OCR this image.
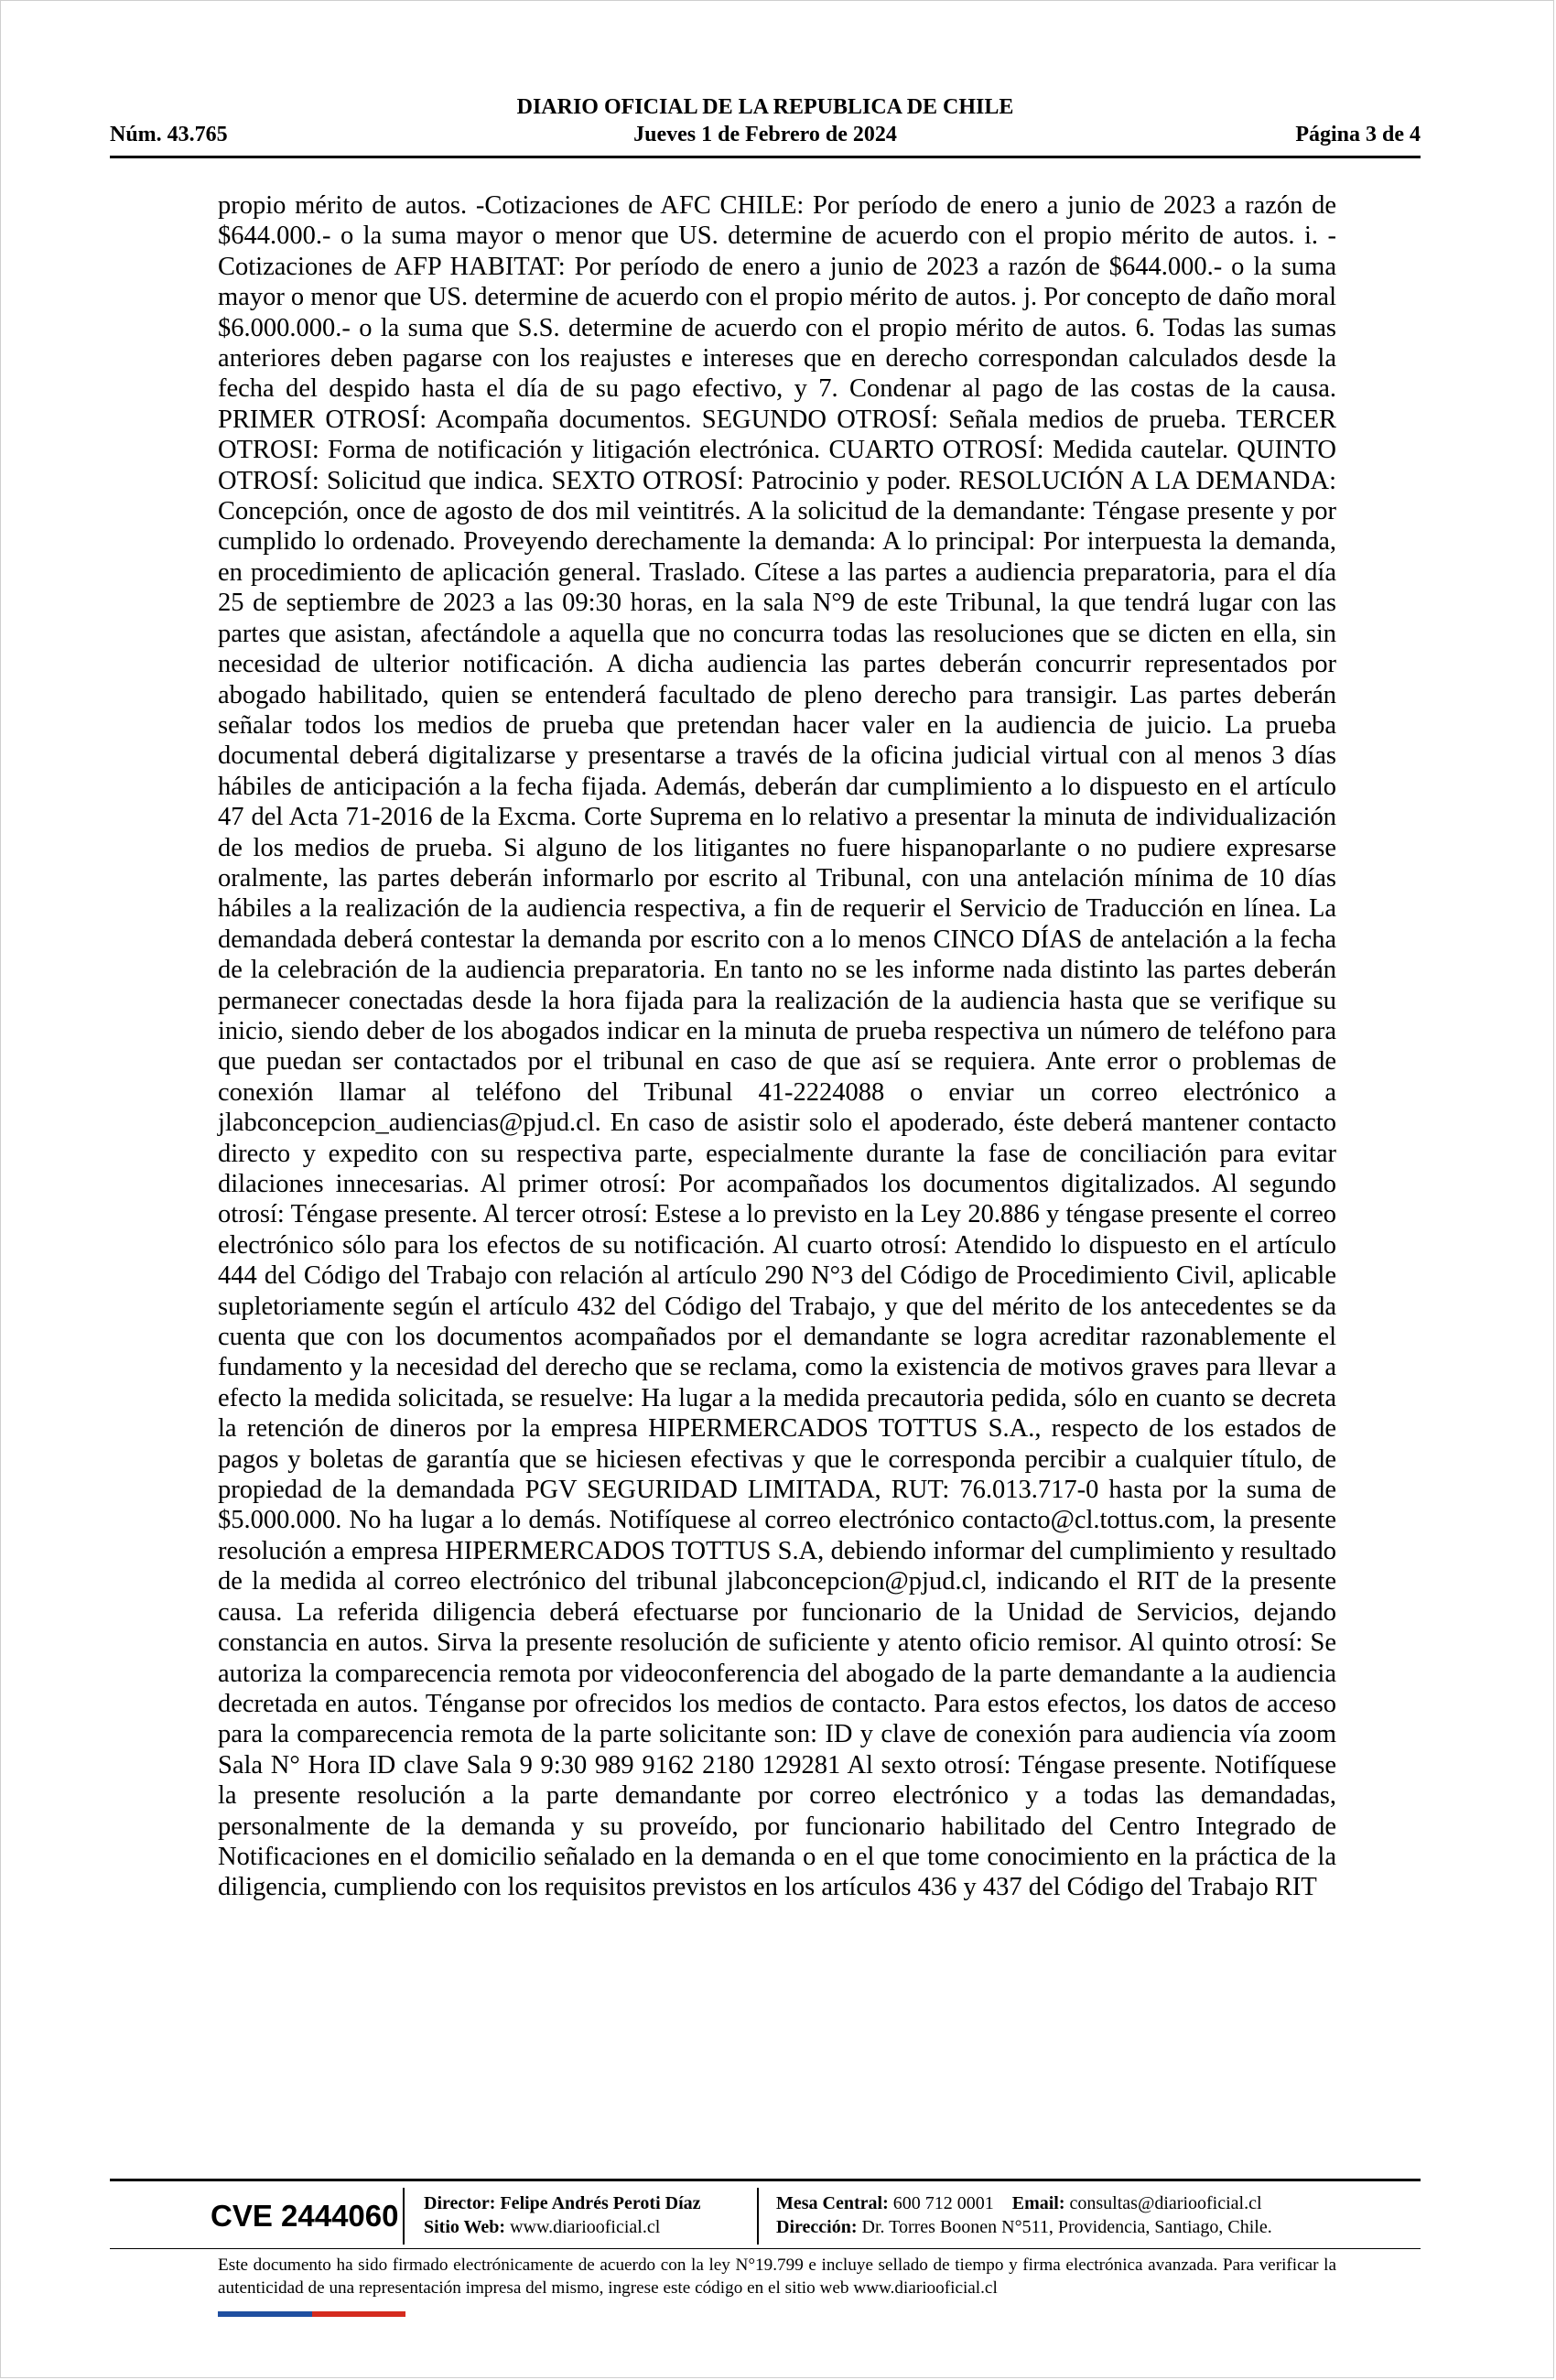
DIARIO OFICIAL DE LA REPUBLICA DE CHILE
Núm. 43.765	Jueves 1 de Febrero de 2024	Página 3 de 4
propio mérito de autos. -Cotizaciones de AFC CHILE: Por período de enero a junio de 2023 a razón de $644.000.- o la suma mayor o menor que US. determine de acuerdo con el propio mérito de autos. i. -Cotizaciones de AFP HABITAT: Por período de enero a junio de 2023 a razón de $644.000.- o la suma mayor o menor que US. determine de acuerdo con el propio mérito de autos. j. Por concepto de daño moral $6.000.000.- o la suma que S.S. determine de acuerdo con el propio mérito de autos. 6. Todas las sumas anteriores deben pagarse con los reajustes e intereses que en derecho correspondan calculados desde la fecha del despido hasta el día de su pago efectivo, y 7. Condenar al pago de las costas de la causa. PRIMER OTROSÍ: Acompaña documentos. SEGUNDO OTROSÍ: Señala medios de prueba. TERCER OTROSI: Forma de notificación y litigación electrónica. CUARTO OTROSÍ: Medida cautelar. QUINTO OTROSÍ: Solicitud que indica. SEXTO OTROSÍ: Patrocinio y poder. RESOLUCIÓN A LA DEMANDA: Concepción, once de agosto de dos mil veintitrés. A la solicitud de la demandante: Téngase presente y por cumplido lo ordenado. Proveyendo derechamente la demanda: A lo principal: Por interpuesta la demanda, en procedimiento de aplicación general. Traslado. Cítese a las partes a audiencia preparatoria, para el día 25 de septiembre de 2023 a las 09:30 horas, en la sala N°9 de este Tribunal, la que tendrá lugar con las partes que asistan, afectándole a aquella que no concurra todas las resoluciones que se dicten en ella, sin necesidad de ulterior notificación. A dicha audiencia las partes deberán concurrir representados por abogado habilitado, quien se entenderá facultado de pleno derecho para transigir. Las partes deberán señalar todos los medios de prueba que pretendan hacer valer en la audiencia de juicio. La prueba documental deberá digitalizarse y presentarse a través de la oficina judicial virtual con al menos 3 días hábiles de anticipación a la fecha fijada. Además, deberán dar cumplimiento a lo dispuesto en el artículo 47 del Acta 71-2016 de la Excma. Corte Suprema en lo relativo a presentar la minuta de individualización de los medios de prueba. Si alguno de los litigantes no fuere hispanoparlante o no pudiere expresarse oralmente, las partes deberán informarlo por escrito al Tribunal, con una antelación mínima de 10 días hábiles a la realización de la audiencia respectiva, a fin de requerir el Servicio de Traducción en línea. La demandada deberá contestar la demanda por escrito con a lo menos CINCO DÍAS de antelación a la fecha de la celebración de la audiencia preparatoria. En tanto no se les informe nada distinto las partes deberán permanecer conectadas desde la hora fijada para la realización de la audiencia hasta que se verifique su inicio, siendo deber de los abogados indicar en la minuta de prueba respectiva un número de teléfono para que puedan ser contactados por el tribunal en caso de que así se requiera. Ante error o problemas de conexión llamar al teléfono del Tribunal 41-2224088 o enviar un correo electrónico a jlabconcepcion_audiencias@pjud.cl. En caso de asistir solo el apoderado, éste deberá mantener contacto directo y expedito con su respectiva parte, especialmente durante la fase de conciliación para evitar dilaciones innecesarias. Al primer otrosí: Por acompañados los documentos digitalizados. Al segundo otrosí: Téngase presente. Al tercer otrosí: Estese a lo previsto en la Ley 20.886 y téngase presente el correo electrónico sólo para los efectos de su notificación. Al cuarto otrosí: Atendido lo dispuesto en el artículo 444 del Código del Trabajo con relación al artículo 290 N°3 del Código de Procedimiento Civil, aplicable supletoriamente según el artículo 432 del Código del Trabajo, y que del mérito de los antecedentes se da cuenta que con los documentos acompañados por el demandante se logra acreditar razonablemente el fundamento y la necesidad del derecho que se reclama, como la existencia de motivos graves para llevar a efecto la medida solicitada, se resuelve: Ha lugar a la medida precautoria pedida, sólo en cuanto se decreta la retención de dineros por la empresa HIPERMERCADOS TOTTUS S.A., respecto de los estados de pagos y boletas de garantía que se hiciesen efectivas y que le corresponda percibir a cualquier título, de propiedad de la demandada PGV SEGURIDAD LIMITADA, RUT: 76.013.717-0 hasta por la suma de $5.000.000. No ha lugar a lo demás. Notifíquese al correo electrónico contacto@cl.tottus.com, la presente resolución a empresa HIPERMERCADOS TOTTUS S.A, debiendo informar del cumplimiento y resultado de la medida al correo electrónico del tribunal jlabconcepcion@pjud.cl, indicando el RIT de la presente causa. La referida diligencia deberá efectuarse por funcionario de la Unidad de Servicios, dejando constancia en autos. Sirva la presente resolución de suficiente y atento oficio remisor. Al quinto otrosí: Se autoriza la comparecencia remota por videoconferencia del abogado de la parte demandante a la audiencia decretada en autos. Ténganse por ofrecidos los medios de contacto. Para estos efectos, los datos de acceso para la comparecencia remota de la parte solicitante son: ID y clave de conexión para audiencia vía zoom Sala N° Hora ID clave Sala 9 9:30 989 9162 2180 129281 Al sexto otrosí: Téngase presente. Notifíquese la presente resolución a la parte demandante por correo electrónico y a todas las demandadas, personalmente de la demanda y su proveído, por funcionario habilitado del Centro Integrado de Notificaciones en el domicilio señalado en la demanda o en el que tome conocimiento en la práctica de la diligencia, cumpliendo con los requisitos previstos en los artículos 436 y 437 del Código del Trabajo RIT
CVE 2444060 Director: Felipe Andrés Peroti Díaz
Sitio Web: www.diariooficial.cl
Mesa Central: 600 712 0001 Email: consultas@diariooficial.cl
Dirección: Dr. Torres Boonen N°511, Providencia, Santiago, Chile.
Este documento ha sido firmado electrónicamente de acuerdo con la ley N°19.799 e incluye sellado de tiempo y firma electrónica avanzada. Para verificar la autenticidad de una representación impresa del mismo, ingrese este código en el sitio web www.diariooficial.cl
